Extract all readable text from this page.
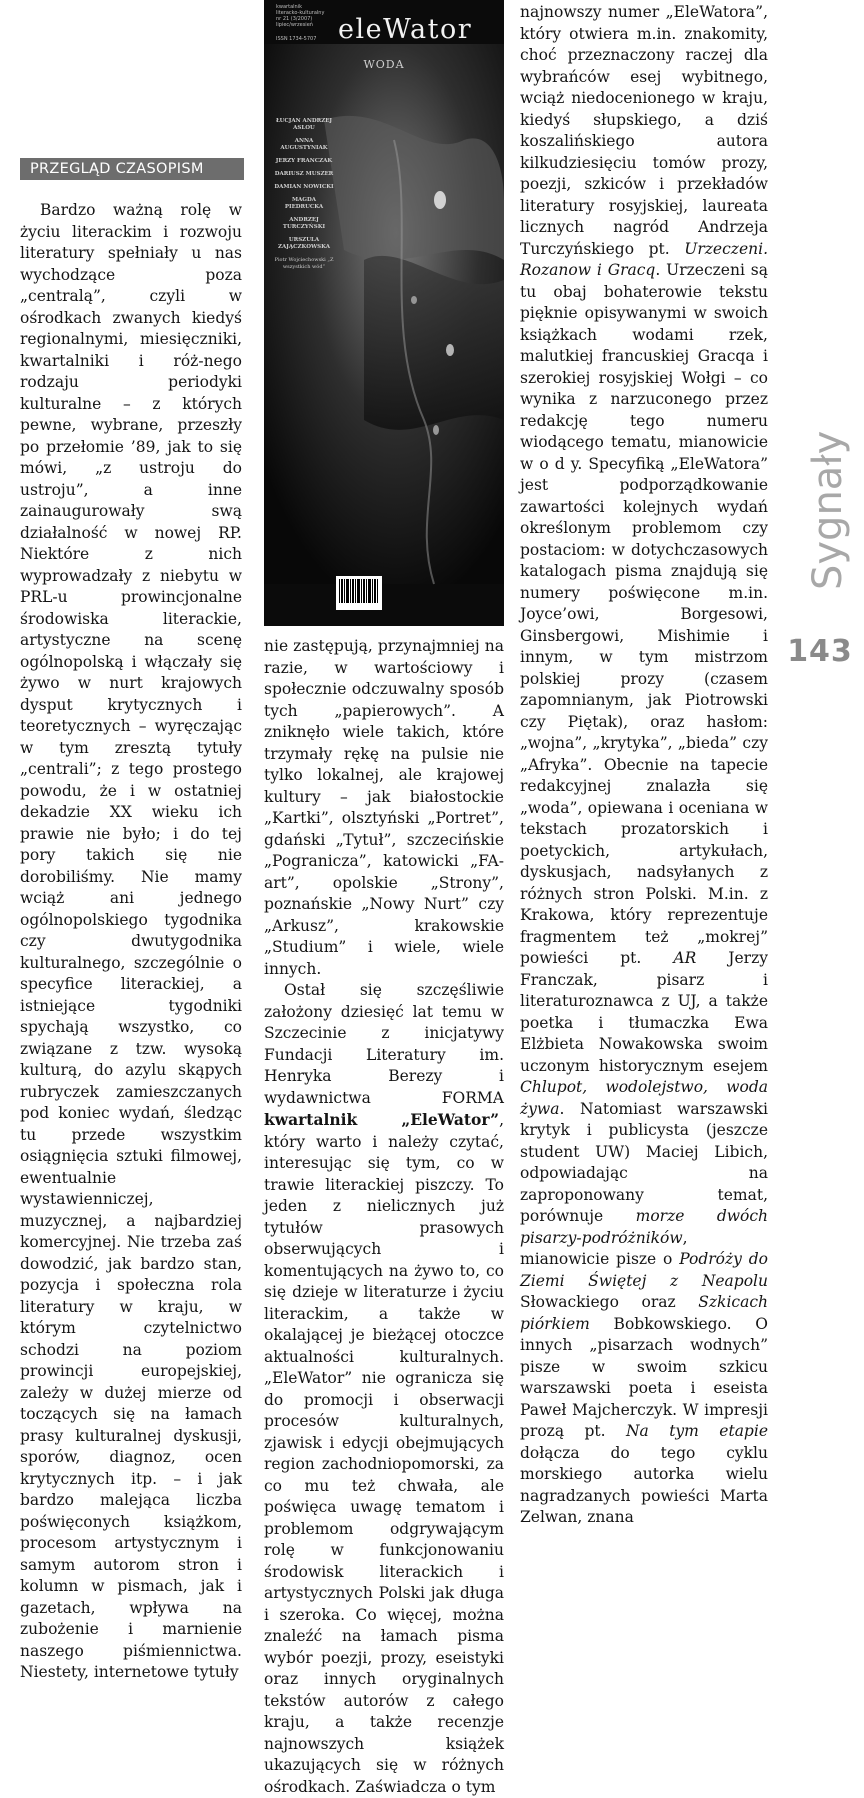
kwartalnik
literacko-kulturalny
nr 21 (3/2007)
lipiec/wrzesień
ISSN 1734-5707 eleWator
WODA
ŁUCJAN ANDRZEJ ASLOU
ANNA AUGUSTYNIAK
JERZY FRANCZAK
DARIUSZ MUSZER
DAMIAN NOWICKI
MAGDA PIEDRUCKA
ANDRZEJ TURCZYŃSKI
URSZULA ZAJĄCZKOWSKA
Piotr Wojciechowski „Z wszystkich wód”
PRZEGLĄD CZASOPISM

Bardzo ważną rolę w życiu literackim i rozwoju literatury spełniały u nas wychodzące poza „centralą”, czyli w ośrodkach zwanych kiedyś regionalnymi, miesięczniki, kwartalniki i róż-nego rodzaju periodyki kulturalne – z których pewne, wybrane, przeszły po przełomie ’89, jak to się mówi, „z ustroju do ustroju”, a inne zainaugurowały swą działalność w nowej RP. Niektóre z nich wyprowadzały z niebytu w PRL-u prowincjonalne środowiska literackie, artystyczne na scenę ogólnopolską i włączały się żywo w nurt krajowych dysput krytycznych i teoretycznych – wyręczając w tym zresztą tytuły „centrali”; z tego prostego powodu, że i w ostatniej dekadzie XX wieku ich prawie nie było; i do tej pory takich się nie dorobiliśmy. Nie mamy wciąż ani jednego ogólnopolskiego tygodnika czy dwutygodnika kulturalnego, szczególnie o specyfice literackiej, a istniejące tygodniki spychają wszystko, co związane z tzw. wysoką kulturą, do azylu skąpych rubryczek zamieszczanych pod koniec wydań, śledząc tu przede wszystkim osiągnięcia sztuki filmowej, ewentualnie wystawienniczej, muzycznej, a najbardziej komercyjnej. Nie trzeba zaś dowodzić, jak bardzo stan, pozycja i społeczna rola literatury w kraju, w którym czytelnictwo schodzi na poziom prowincji europejskiej, zależy w dużej mierze od toczących się na łamach prasy kulturalnej dyskusji, sporów, diagnoz, ocen krytycznych itp. – i jak bardzo malejąca liczba poświęconych książkom, procesom artystycznym i samym autorom stron i kolumn w pismach, jak i gazetach, wpływa na zubożenie i marnienie naszego piśmiennictwa. Niestety, internetowe tytuły

nie zastępują, przynajmniej na razie, w wartościowy i społecznie odczuwalny sposób tych „papierowych”. A zniknęło wiele takich, które trzymały rękę na pulsie nie tylko lokalnej, ale krajowej kultury – jak białostockie „Kartki”, olsztyński „Portret”, gdański „Tytuł”, szczecińskie „Pogranicza”, katowicki „FA-art”, opolskie „Strony”, poznańskie „Nowy Nurt” czy „Arkusz”, krakowskie „Studium” i wiele, wiele innych.

Ostał się szczęśliwie założony dziesięć lat temu w Szczecinie z inicjatywy Fundacji Literatury im. Henryka Berezy i wydawnictwa FORMA kwartalnik „EleWator”, który warto i należy czytać, interesując się tym, co w trawie literackiej piszczy. To jeden z nielicznych już tytułów prasowych obserwujących i komentujących na żywo to, co się dzieje w literaturze i życiu literackim, a także w okalającej je bieżącej otoczce aktualności kulturalnych. „EleWator” nie ogranicza się do promocji i obserwacji procesów kulturalnych, zjawisk i edycji obejmujących region zachodniopomorski, za co mu też chwała, ale poświęca uwagę tematom i problemom odgrywającym rolę w funkcjonowaniu środowisk literackich i artystycznych Polski jak długa i szeroka. Co więcej, można znaleźć na łamach pisma wybór poezji, prozy, eseistyki oraz innych oryginalnych tekstów autorów z całego kraju, a także recenzje najnowszych książek ukazujących się w różnych ośrodkach. Zaświadcza o tym

najnowszy numer „EleWatora”, który otwiera m.in. znakomity, choć przeznaczony raczej dla wybrańców esej wybitnego, wciąż niedocenionego w kraju, kiedyś słupskiego, a dziś koszalińskiego autora kilkudziesięciu tomów prozy, poezji, szkiców i przekładów literatury rosyjskiej, laureata licznych nagród Andrzeja Turczyńskiego pt. Urzeczeni. Rozanow i Gracq. Urzeczeni są tu obaj bohaterowie tekstu pięknie opisywanymi w swoich książkach wodami rzek, malutkiej francuskiej Gracqa i szerokiej rosyjskiej Wołgi – co wynika z narzuconego przez redakcję tego numeru wiodącego tematu, mianowicie w o d y. Specyfiką „EleWatora” jest podporządkowanie zawartości kolejnych wydań określonym problemom czy postaciom: w dotychczasowych katalogach pisma znajdują się numery poświęcone m.in. Joyce’owi, Borgesowi, Ginsbergowi, Mishimie i innym, w tym mistrzom polskiej prozy (czasem zapomnianym, jak Piotrowski czy Piętak), oraz hasłom: „wojna”, „krytyka”, „bieda” czy „Afryka”. Obecnie na tapecie redakcyjnej znalazła się „woda”, opiewana i oceniana w tekstach prozatorskich i poetyckich, artykułach, dyskusjach, nadsyłanych z różnych stron Polski. M.in. z Krakowa, który reprezentuje fragmentem też „mokrej” powieści pt. AR Jerzy Franczak, pisarz i literaturoznawca z UJ, a także poetka i tłumaczka Ewa Elżbieta Nowakowska swoim uczonym historycznym esejem Chlupot, wodolejstwo, woda żywa. Natomiast warszawski krytyk i publicysta (jeszcze student UW) Maciej Libich, odpowiadając na zaproponowany temat, porównuje morze dwóch pisarzy-podróżników, mianowicie pisze o Podróży do Ziemi Świętej z Neapolu Słowackiego oraz Szkicach piórkiem Bobkowskiego. O innych „pisarzach wodnych” pisze w swoim szkicu warszawski poeta i eseista Paweł Majcherczyk. W impresji prozą pt. Na tym etapie dołącza do tego cyklu morskiego autorka wielu nagradzanych powieści Marta Zelwan, znana

Sygnały
143
